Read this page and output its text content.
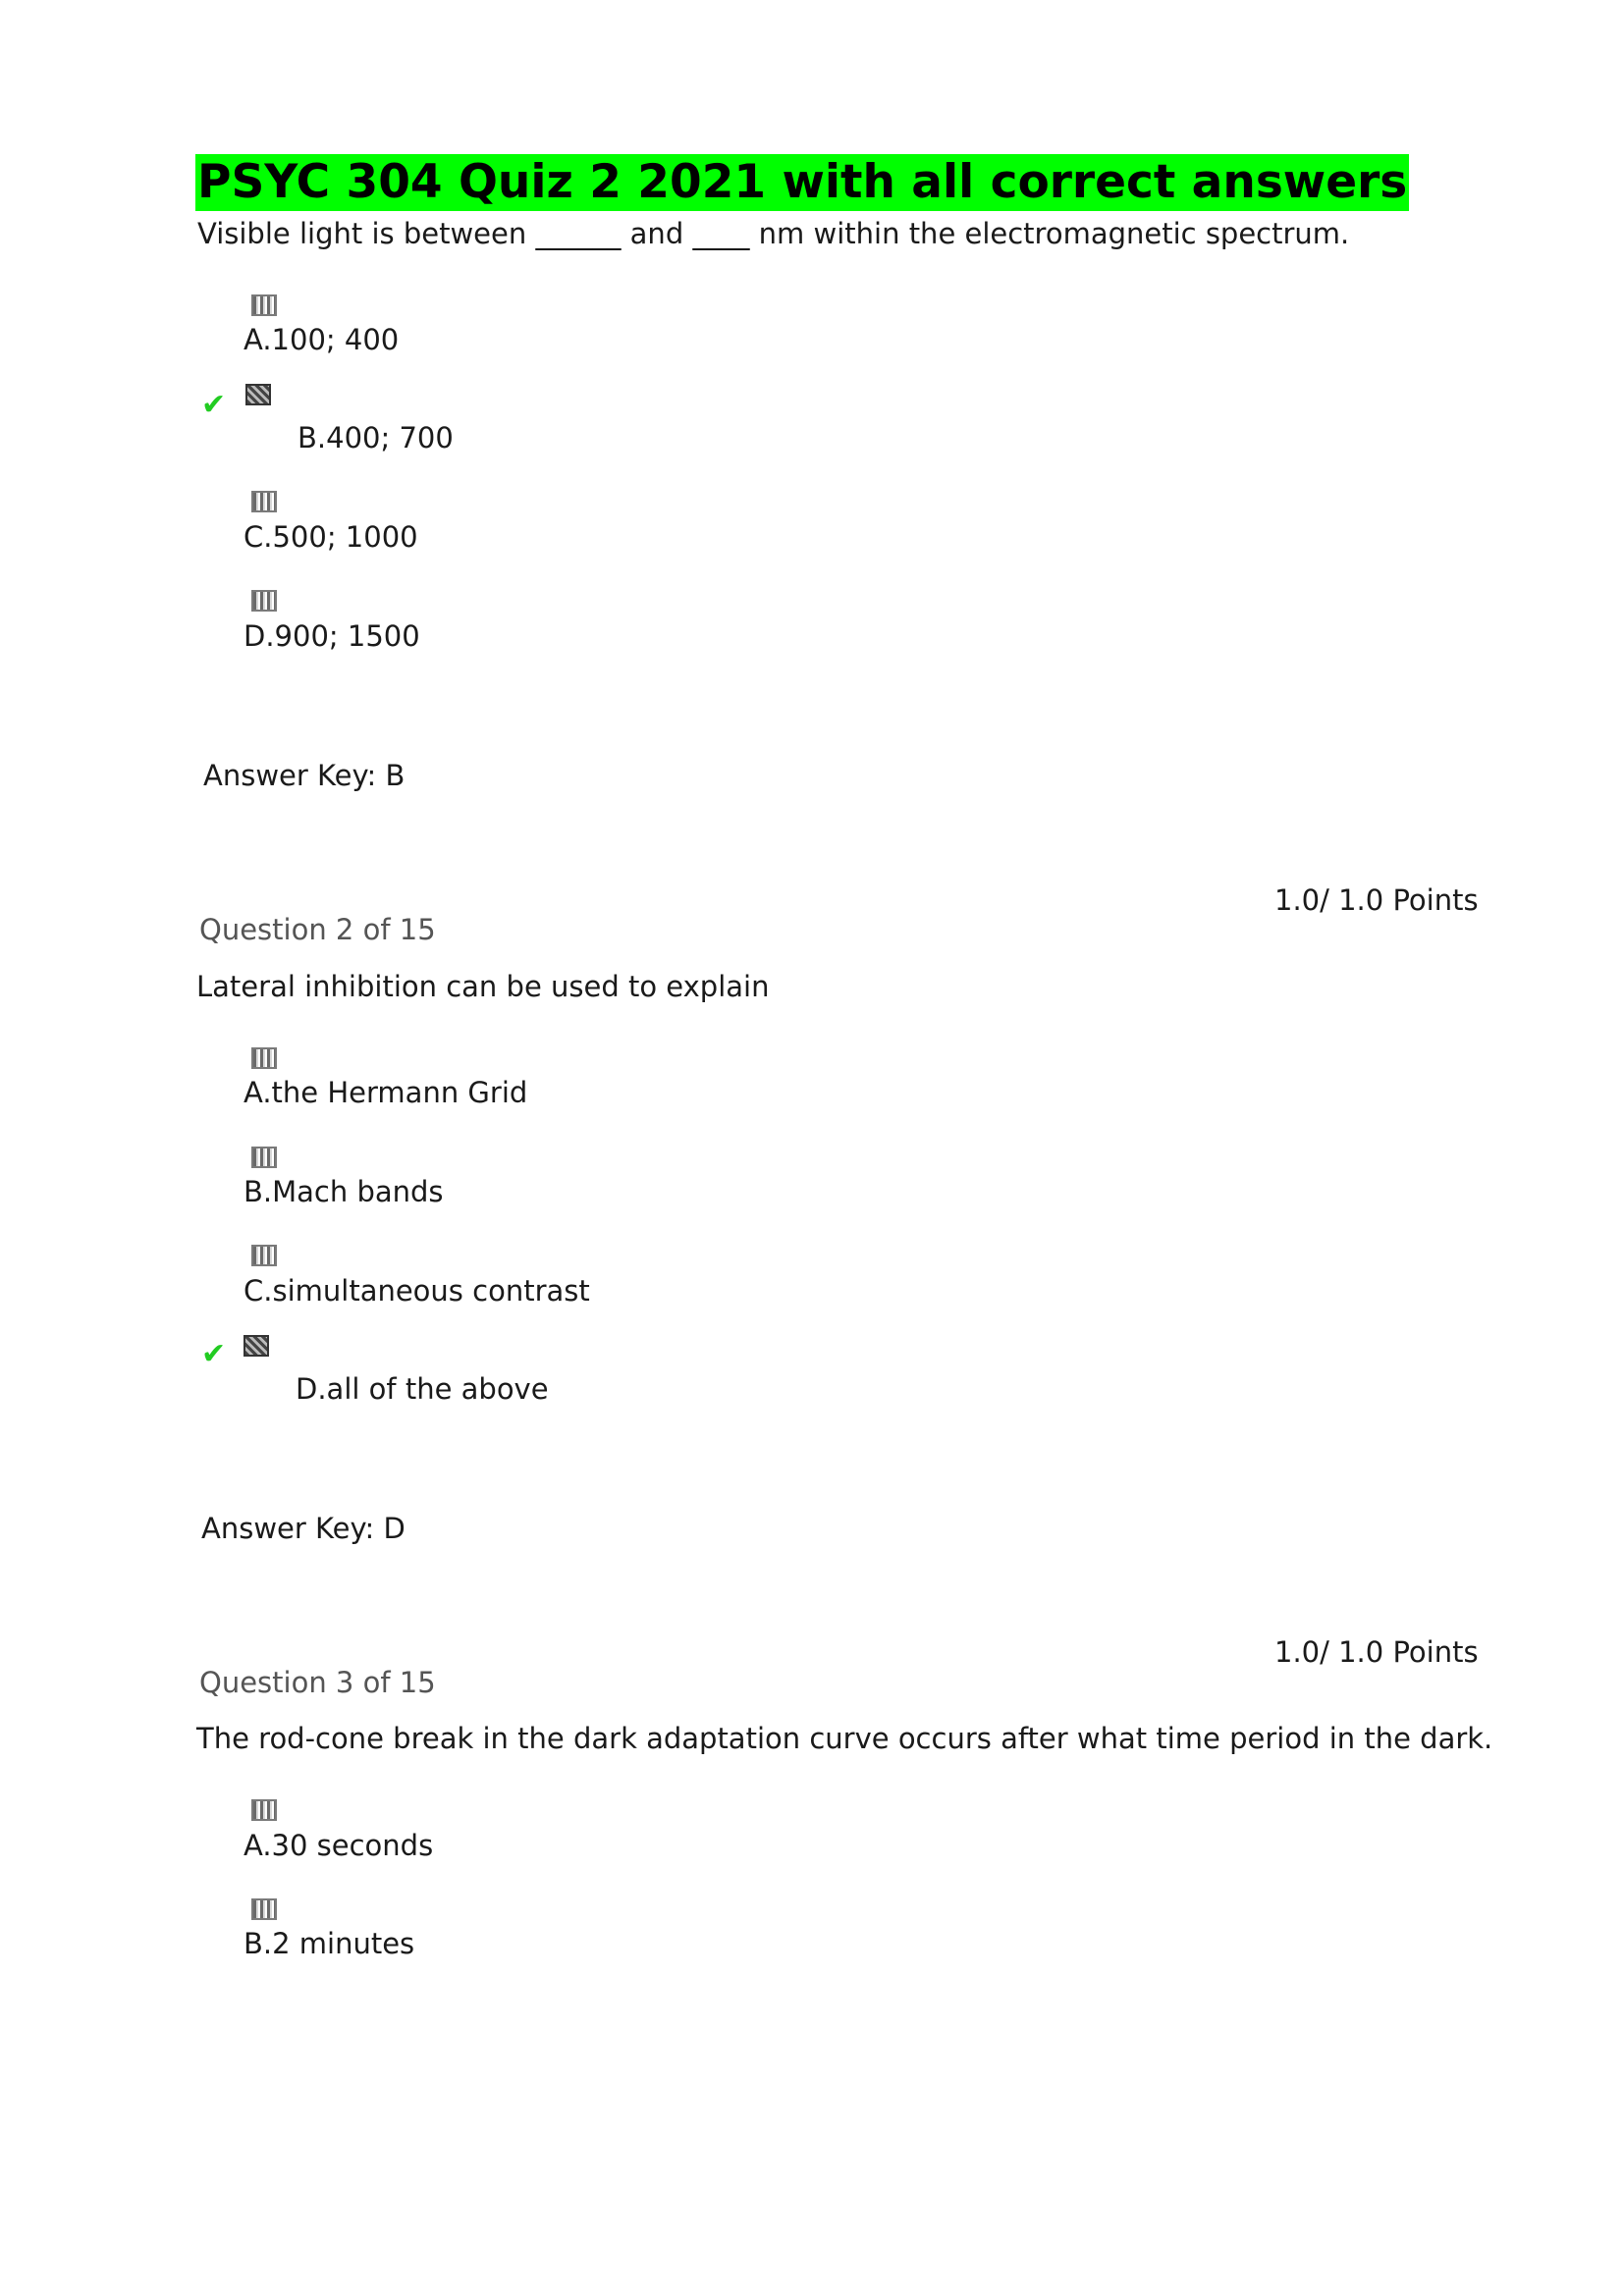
PSYC 304 Quiz 2 2021 with all correct answers
Visible light is between ______ and ____ nm within the electromagnetic spectrum.
A.100; 400
✔
B.400; 700
C.500; 1000
D.900; 1500
Answer Key: B
1.0/ 1.0 Points
Question 2 of 15
Lateral inhibition can be used to explain
A.the Hermann Grid
B.Mach bands
C.simultaneous contrast
✔
D.all of the above
Answer Key: D
1.0/ 1.0 Points
Question 3 of 15
The rod-cone break in the dark adaptation curve occurs after what time period in the dark.
A.30 seconds
B.2 minutes
